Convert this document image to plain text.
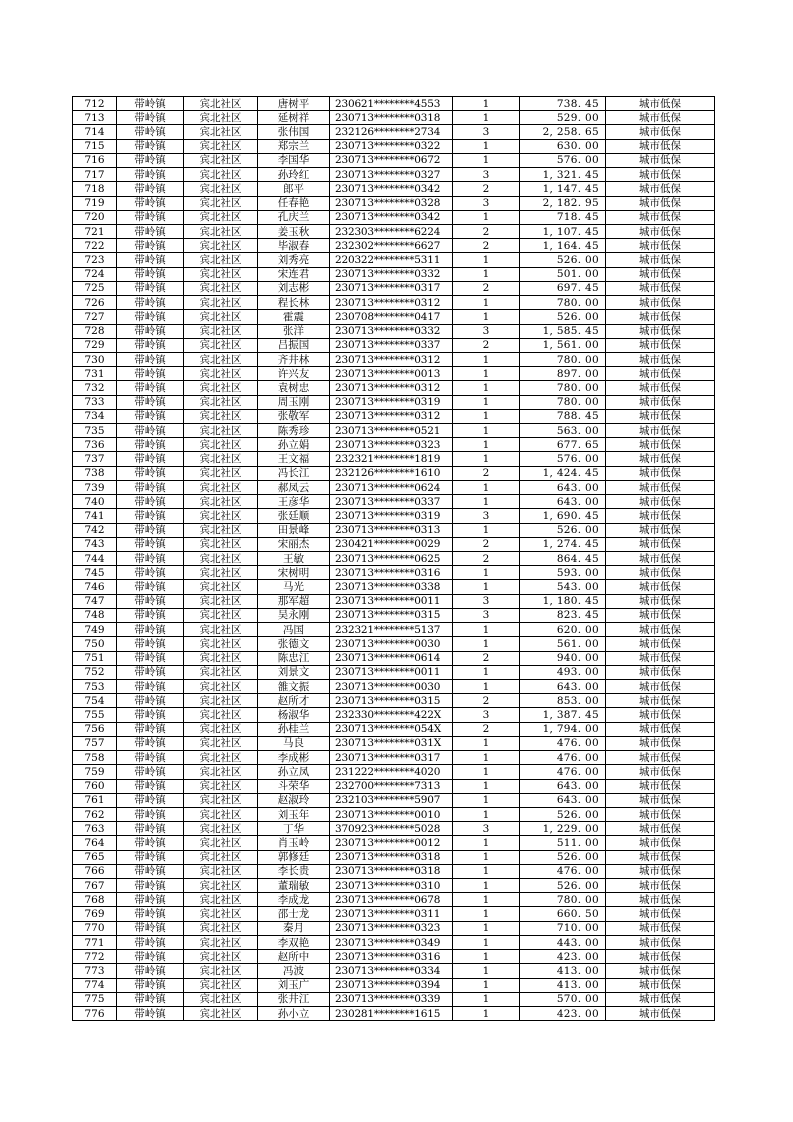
712	带岭镇	宾北社区	唐树平	230621********4553	1	738. 45	城市低保
713	带岭镇	宾北社区	延树祥	230713********0318	1	529. 00	城市低保
714	带岭镇	宾北社区	张伟国	232126********2734	3	2, 258. 65	城市低保
715	带岭镇	宾北社区	郑宗兰	230713********0322	1	630. 00	城市低保
716	带岭镇	宾北社区	李国华	230713********0672	1	576. 00	城市低保
717	带岭镇	宾北社区	孙玲红	230713********0327	3	1, 321. 45	城市低保
718	带岭镇	宾北社区	郎平	230713********0342	2	1, 147. 45	城市低保
719	带岭镇	宾北社区	任春艳	230713********0328	3	2, 182. 95	城市低保
720	带岭镇	宾北社区	孔庆兰	230713********0342	1	718. 45	城市低保
721	带岭镇	宾北社区	姜玉秋	232303********6224	2	1, 107. 45	城市低保
722	带岭镇	宾北社区	毕淑春	232302********6627	2	1, 164. 45	城市低保
723	带岭镇	宾北社区	刘秀亮	220322********5311	1	526. 00	城市低保
724	带岭镇	宾北社区	宋连君	230713********0332	1	501. 00	城市低保
725	带岭镇	宾北社区	刘志彬	230713********0317	2	697. 45	城市低保
726	带岭镇	宾北社区	程长林	230713********0312	1	780. 00	城市低保
727	带岭镇	宾北社区	霍震	230708********0417	1	526. 00	城市低保
728	带岭镇	宾北社区	张洋	230713********0332	3	1, 585. 45	城市低保
729	带岭镇	宾北社区	吕振国	230713********0337	2	1, 561. 00	城市低保
730	带岭镇	宾北社区	齐井林	230713********0312	1	780. 00	城市低保
731	带岭镇	宾北社区	许兴友	230713********0013	1	897. 00	城市低保
732	带岭镇	宾北社区	袁树忠	230713********0312	1	780. 00	城市低保
733	带岭镇	宾北社区	周玉刚	230713********0319	1	780. 00	城市低保
734	带岭镇	宾北社区	张敬军	230713********0312	1	788. 45	城市低保
735	带岭镇	宾北社区	陈秀珍	230713********0521	1	563. 00	城市低保
736	带岭镇	宾北社区	孙立娟	230713********0323	1	677. 65	城市低保
737	带岭镇	宾北社区	王文福	232321********1819	1	576. 00	城市低保
738	带岭镇	宾北社区	冯长江	232126********1610	2	1, 424. 45	城市低保
739	带岭镇	宾北社区	郝凤云	230713********0624	1	643. 00	城市低保
740	带岭镇	宾北社区	王彦华	230713********0337	1	643. 00	城市低保
741	带岭镇	宾北社区	张廷顺	230713********0319	3	1, 690. 45	城市低保
742	带岭镇	宾北社区	田景峰	230713********0313	1	526. 00	城市低保
743	带岭镇	宾北社区	宋丽杰	230421********0029	2	1, 274. 45	城市低保
744	带岭镇	宾北社区	王敏	230713********0625	2	864. 45	城市低保
745	带岭镇	宾北社区	宋树明	230713********0316	1	593. 00	城市低保
746	带岭镇	宾北社区	马光	230713********0338	1	543. 00	城市低保
747	带岭镇	宾北社区	那军超	230713********0011	3	1, 180. 45	城市低保
748	带岭镇	宾北社区	吴永刚	230713********0315	3	823. 45	城市低保
749	带岭镇	宾北社区	冯国	232321********5137	1	620. 00	城市低保
750	带岭镇	宾北社区	张德文	230713********0030	1	561. 00	城市低保
751	带岭镇	宾北社区	陈忠江	230713********0614	2	940. 00	城市低保
752	带岭镇	宾北社区	刘景文	230713********0011	1	493. 00	城市低保
753	带岭镇	宾北社区	雒文振	230713********0030	1	643. 00	城市低保
754	带岭镇	宾北社区	赵所才	230713********0315	2	853. 00	城市低保
755	带岭镇	宾北社区	杨淑华	232330********422X	3	1, 387. 45	城市低保
756	带岭镇	宾北社区	孙桂兰	230713********054X	2	1, 794. 00	城市低保
757	带岭镇	宾北社区	马良	230713********031X	1	476. 00	城市低保
758	带岭镇	宾北社区	李成彬	230713********0317	1	476. 00	城市低保
759	带岭镇	宾北社区	孙立凤	231222********4020	1	476. 00	城市低保
760	带岭镇	宾北社区	斗荣华	232700********7313	1	643. 00	城市低保
761	带岭镇	宾北社区	赵淑玲	232103********5907	1	643. 00	城市低保
762	带岭镇	宾北社区	刘玉年	230713********0010	1	526. 00	城市低保
763	带岭镇	宾北社区	丁华	370923********5028	3	1, 229. 00	城市低保
764	带岭镇	宾北社区	肖玉岭	230713********0012	1	511. 00	城市低保
765	带岭镇	宾北社区	郭修廷	230713********0318	1	526. 00	城市低保
766	带岭镇	宾北社区	李长贵	230713********0318	1	476. 00	城市低保
767	带岭镇	宾北社区	董瑞敏	230713********0310	1	526. 00	城市低保
768	带岭镇	宾北社区	李成龙	230713********0678	1	780. 00	城市低保
769	带岭镇	宾北社区	邵士龙	230713********0311	1	660. 50	城市低保
770	带岭镇	宾北社区	秦月	230713********0323	1	710. 00	城市低保
771	带岭镇	宾北社区	李双艳	230713********0349	1	443. 00	城市低保
772	带岭镇	宾北社区	赵所中	230713********0316	1	423. 00	城市低保
773	带岭镇	宾北社区	冯波	230713********0334	1	413. 00	城市低保
774	带岭镇	宾北社区	刘玉广	230713********0394	1	413. 00	城市低保
775	带岭镇	宾北社区	张井江	230713********0339	1	570. 00	城市低保
776	带岭镇	宾北社区	孙小立	230281********1615	1	423. 00	城市低保
